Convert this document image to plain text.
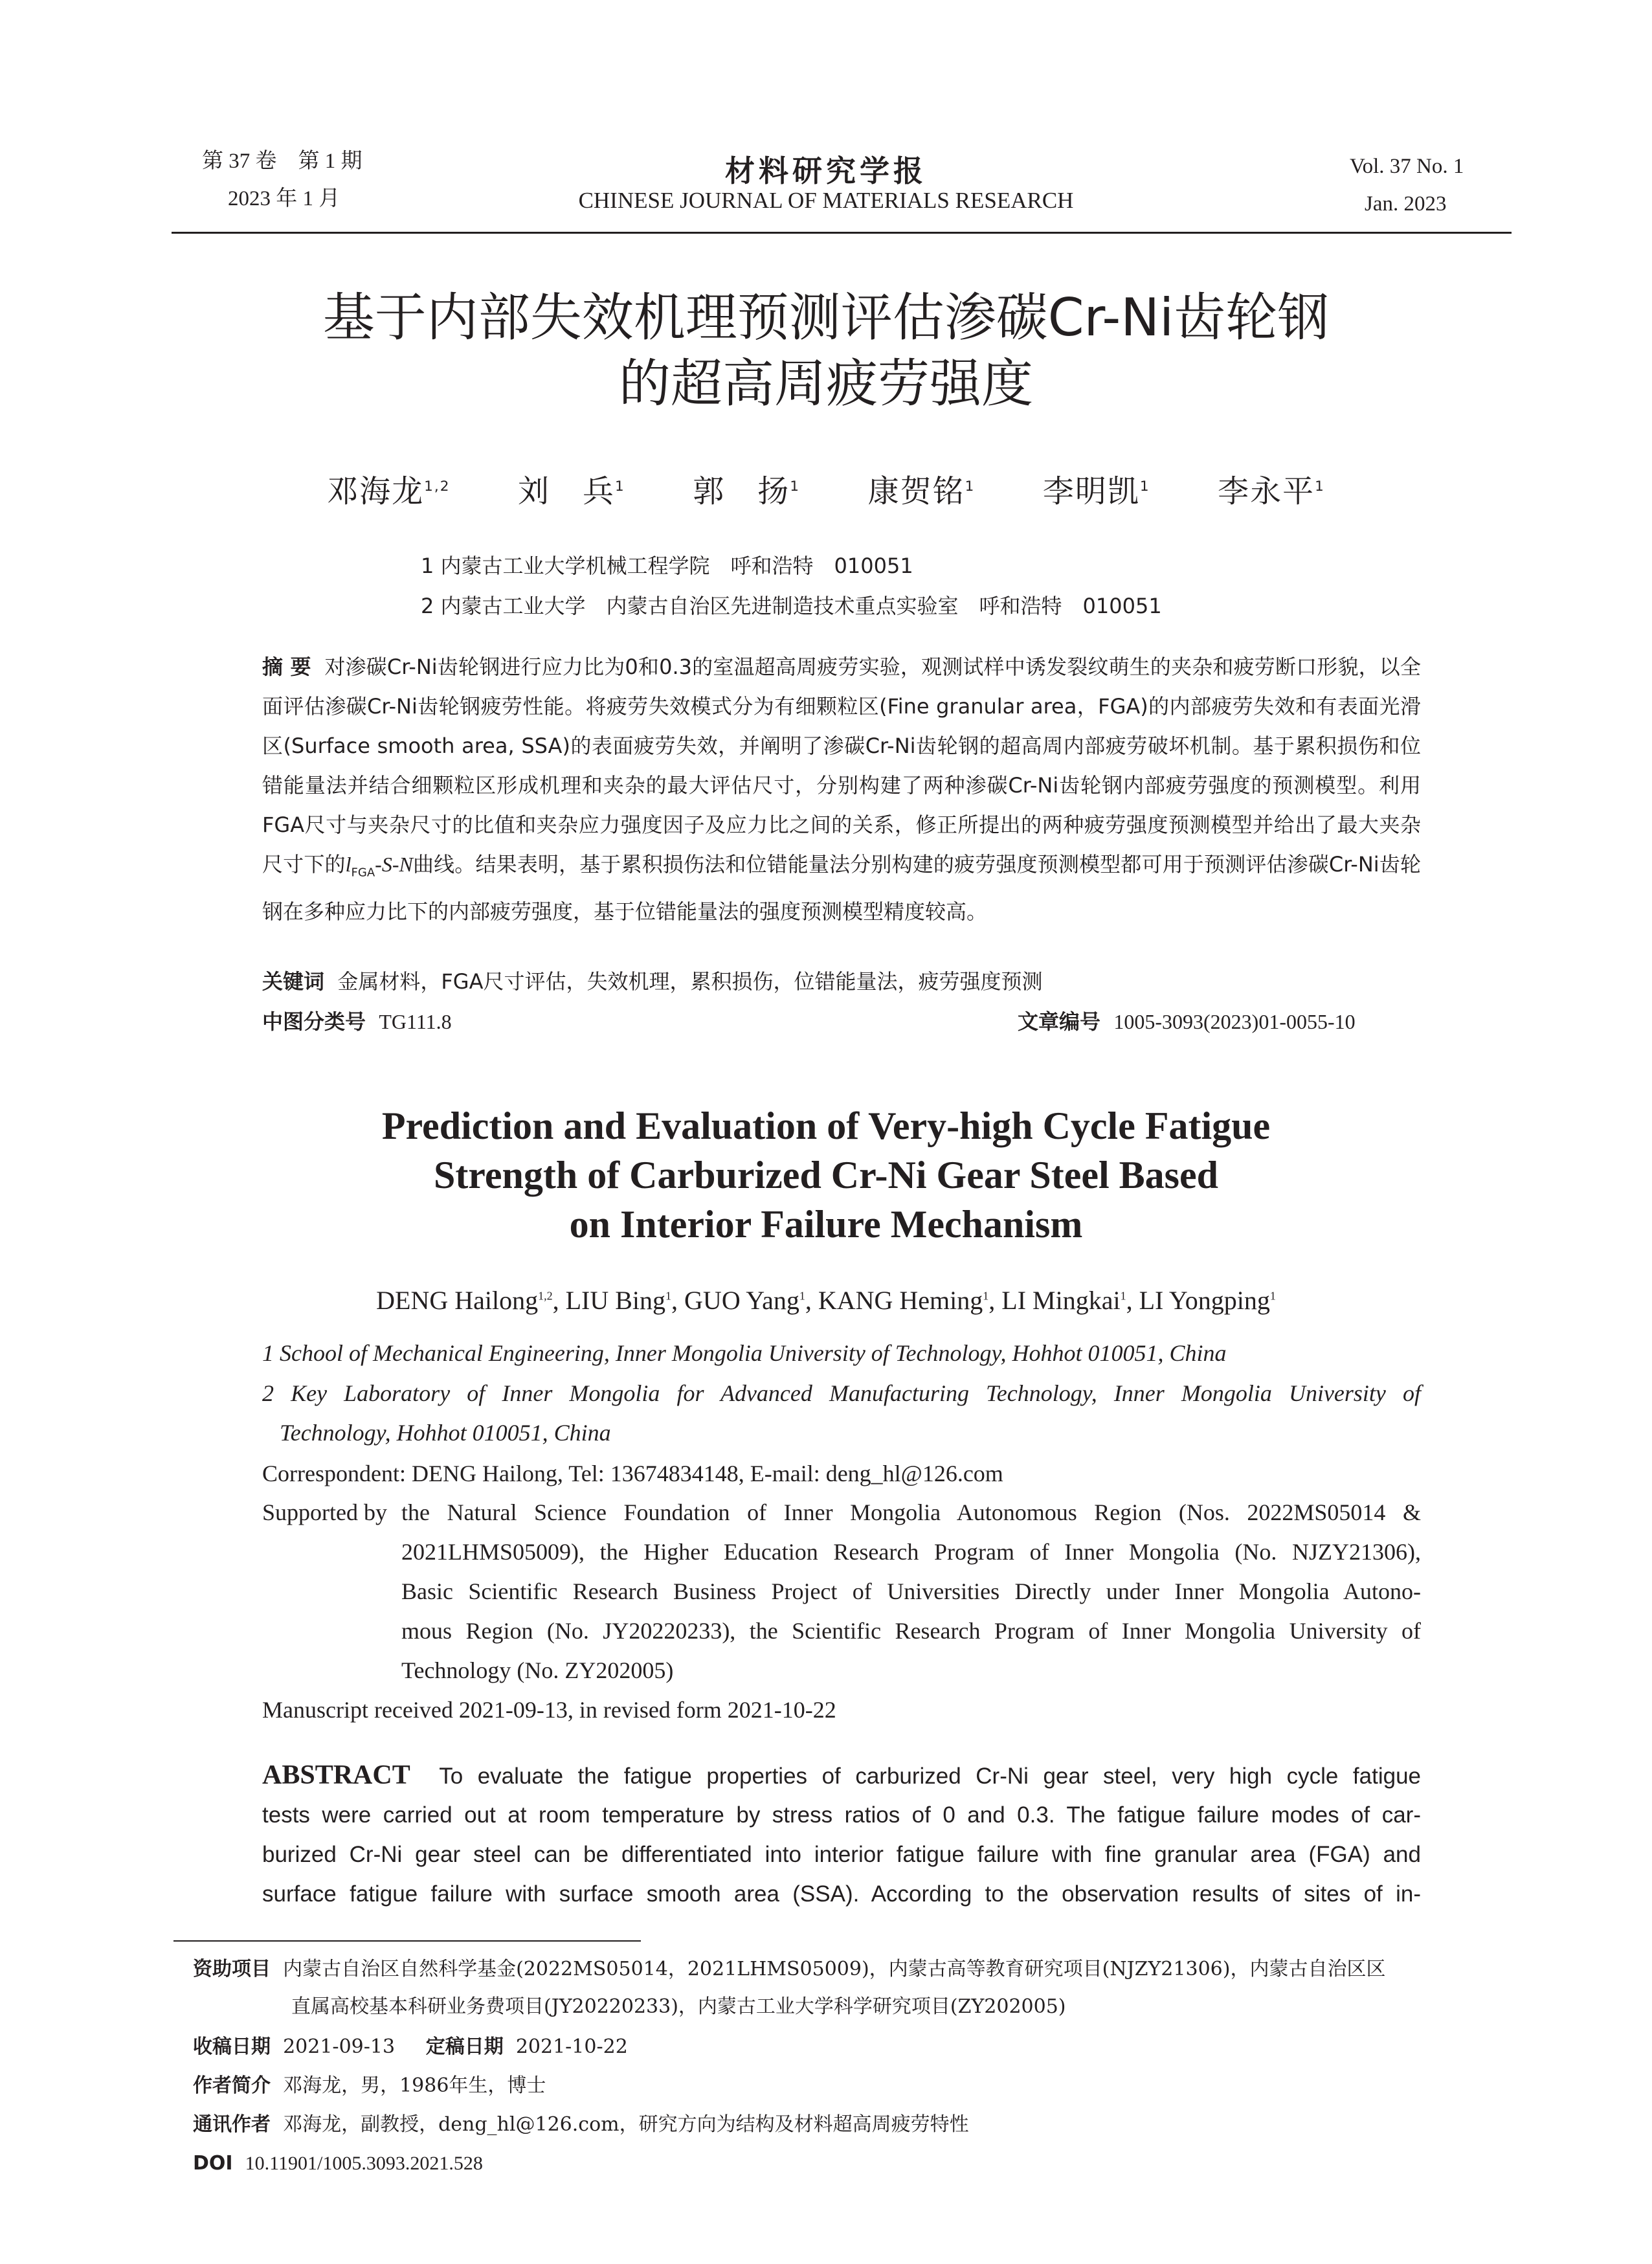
第 37 卷　第 1 期
2023 年 1 月
材料研究学报
CHINESE JOURNAL OF MATERIALS RESEARCH
Vol. 37 No. 1
Jan. 2023
基于内部失效机理预测评估渗碳Cr-Ni齿轮钢
的超高周疲劳强度
邓海龙$^{1,2}$ 刘　兵$^1$ 郭　扬$^1$ 康贺铭$^1$ 李明凯$^1$ 李永平$^1$
1 内蒙古工业大学机械工程学院　呼和浩特　010051
2 内蒙古工业大学　内蒙古自治区先进制造技术重点实验室　呼和浩特　010051
摘 要 对渗碳Cr-Ni齿轮钢进行应力比为0和0.3的室温超高周疲劳实验，观测试样中诱发裂纹萌生的夹杂和疲劳断口形貌，以全面评估渗碳Cr-Ni齿轮钢疲劳性能。将疲劳失效模式分为有细颗粒区(Fine granular area，FGA)的内部疲劳失效和有表面光滑区(Surface smooth area, SSA)的表面疲劳失效，并阐明了渗碳Cr-Ni齿轮钢的超高周内部疲劳破坏机制。基于累积损伤和位错能量法并结合细颗粒区形成机理和夹杂的最大评估尺寸，分别构建了两种渗碳Cr-Ni齿轮钢内部疲劳强度的预测模型。利用FGA尺寸与夹杂尺寸的比值和夹杂应力强度因子及应力比之间的关系，修正所提出的两种疲劳强度预测模型并给出了最大夹杂尺寸下的$l_{FGA}-S-N$曲线。结果表明，基于累积损伤法和位错能量法分别构建的疲劳强度预测模型都可用于预测评估渗碳Cr-Ni齿轮钢在多种应力比下的内部疲劳强度，基于位错能量法的强度预测模型精度较高。
关键词 金属材料，FGA尺寸评估，失效机理，累积损伤，位错能量法，疲劳强度预测
中图分类号 TG111.8	文章编号 1005-3093(2023)01-0055-10
Prediction and Evaluation of Very-high Cycle Fatigue
Strength of Carburized Cr-Ni Gear Steel Based
on Interior Failure Mechanism
DENG Hailong$^{1,2}$, LIU Bing$^1$, GUO Yang$^1$, KANG Heming$^1$, LI Mingkai$^1$, LI Yongping$^1$
1 School of Mechanical Engineering, Inner Mongolia University of Technology, Hohhot 010051, China
2 Key Laboratory of Inner Mongolia for Advanced Manufacturing Technology, Inner Mongolia University of
Technology, Hohhot 010051, China
Correspondent: DENG Hailong, Tel: 13674834148, E-mail: deng_hl@126.com
Supported by the Natural Science Foundation of Inner Mongolia Autonomous Region (Nos. 2022MS05014 &
2021LHMS05009), the Higher Education Research Program of Inner Mongolia (No. NJZY21306),
Basic Scientific Research Business Project of Universities Directly under Inner Mongolia Autono-
mous Region (No. JY20220233), the Scientific Research Program of Inner Mongolia University of
Technology (No. ZY202005)
Manuscript received 2021-09-13, in revised form 2021-10-22
ABSTRACT To evaluate the fatigue properties of carburized Cr-Ni gear steel, very high cycle fatigue
tests were carried out at room temperature by stress ratios of 0 and 0.3. The fatigue failure modes of car-
burized Cr-Ni gear steel can be differentiated into interior fatigue failure with fine granular area (FGA) and
surface fatigue failure with surface smooth area (SSA). According to the observation results of sites of in-
资助项目 内蒙古自治区自然科学基金(2022MS05014，2021LHMS05009)，内蒙古高等教育研究项目(NJZY21306)，内蒙古自治区区
直属高校基本科研业务费项目(JY20220233)，内蒙古工业大学科学研究项目(ZY202005)
收稿日期 2021-09-13 定稿日期 2021-10-22
作者简介 邓海龙，男，1986年生，博士
通讯作者 邓海龙，副教授，deng_hl@126.com，研究方向为结构及材料超高周疲劳特性
DOI 10.11901/1005.3093.2021.528
